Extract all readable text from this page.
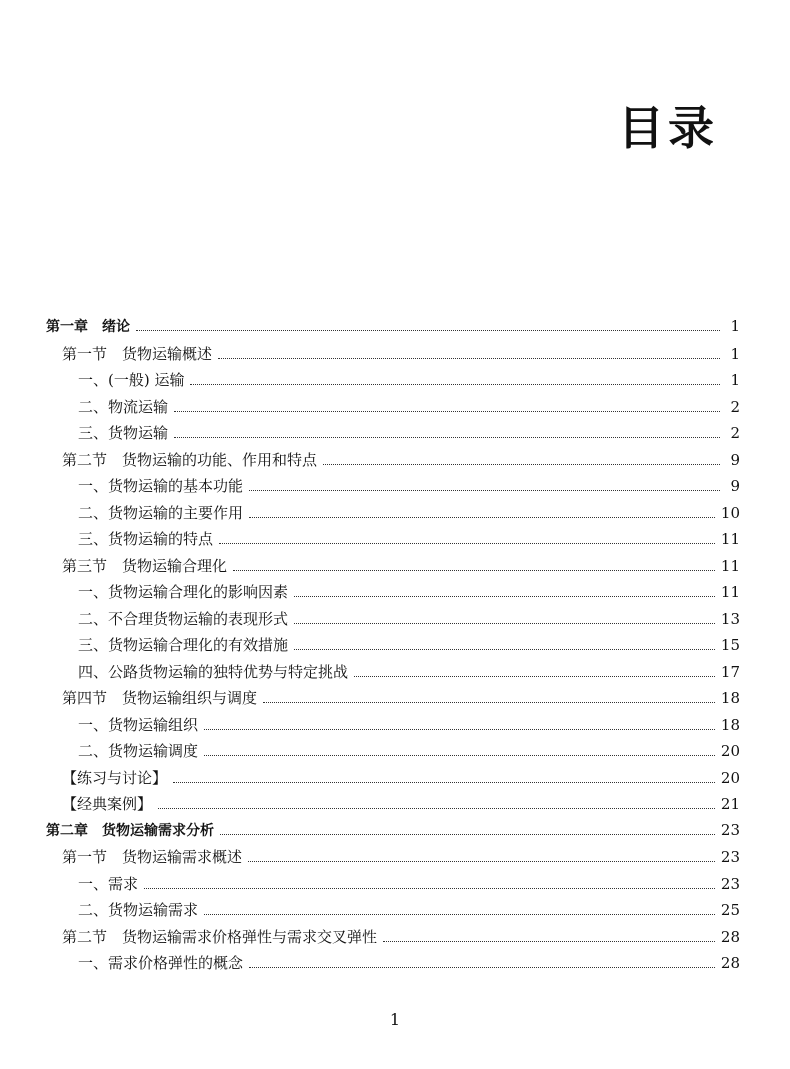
目录
第一章　绪论	1
第一节　货物运输概述	1
一、(一般) 运输	1
二、物流运输	2
三、货物运输	2
第二节　货物运输的功能、作用和特点	9
一、货物运输的基本功能	9
二、货物运输的主要作用	10
三、货物运输的特点	11
第三节　货物运输合理化	11
一、货物运输合理化的影响因素	11
二、不合理货物运输的表现形式	13
三、货物运输合理化的有效措施	15
四、公路货物运输的独特优势与特定挑战	17
第四节　货物运输组织与调度	18
一、货物运输组织	18
二、货物运输调度	20
【练习与讨论】	20
【经典案例】	21
第二章　货物运输需求分析	23
第一节　货物运输需求概述	23
一、需求	23
二、货物运输需求	25
第二节　货物运输需求价格弹性与需求交叉弹性	28
一、需求价格弹性的概念	28
1
